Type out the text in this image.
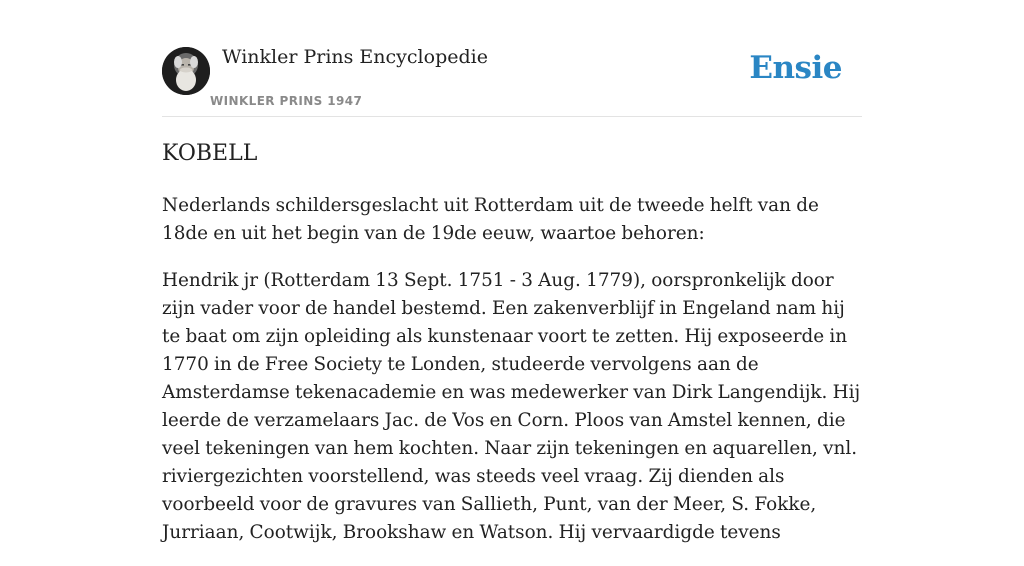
Winkler Prins Encyclopedie
WINKLER PRINS 1947
Ensie
KOBELL

Nederlands schildersgeslacht uit Rotterdam uit de tweede helft van de 18de en uit het begin van de 19de eeuw, waartoe behoren:

Hendrik jr (Rotterdam 13 Sept. 1751 - 3 Aug. 1779), oorspronkelijk door zijn vader voor de handel bestemd. Een zakenverblijf in Engeland nam hij te baat om zijn opleiding als kunstenaar voort te zetten. Hij exposeerde in 1770 in de Free Society te Londen, studeerde vervolgens aan de Amsterdamse tekenacademie en was medewerker van Dirk Langendijk. Hij leerde de verzamelaars Jac. de Vos en Corn. Ploos van Amstel kennen, die veel tekeningen van hem kochten. Naar zijn tekeningen en aquarellen, vnl. riviergezichten voorstellend, was steeds veel vraag. Zij dienden als voorbeeld voor de gravures van Sallieth, Punt, van der Meer, S. Fokke, Jurriaan, Cootwijk, Brookshaw en Watson. Hij vervaardigde tevens
